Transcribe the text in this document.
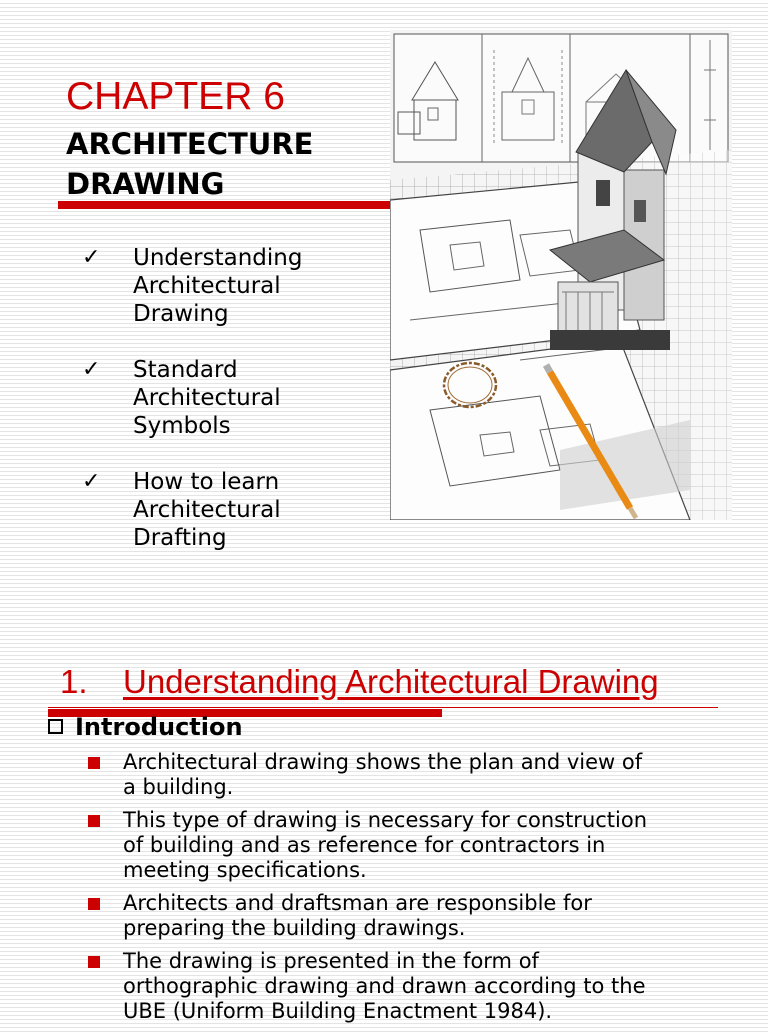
CHAPTER 6
ARCHITECTURE
DRAWING
✓ Understanding
Architectural
Drawing
✓ Standard
Architectural
Symbols
✓ How to learn
Architectural
Drafting
1. Understanding Architectural Drawing
Introduction
Architectural drawing shows the plan and view of
a building.
This type of drawing is necessary for construction
of building and as reference for contractors in
meeting specifications.
Architects and draftsman are responsible for
preparing the building drawings.
The drawing is presented in the form of
orthographic drawing and drawn according to the
UBE (Uniform Building Enactment 1984).
